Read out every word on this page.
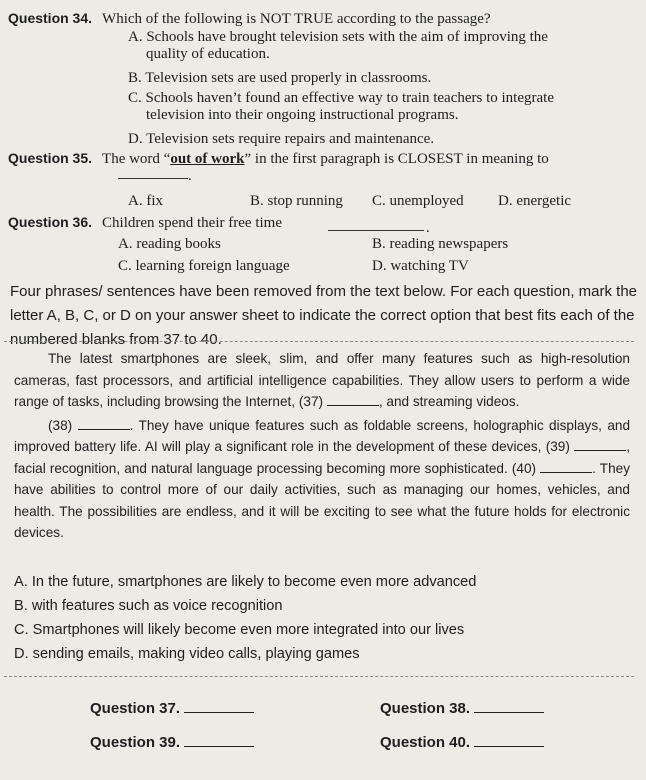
Question 34. Which of the following is NOT TRUE according to the passage?
A. Schools have brought television sets with the aim of improving the
quality of education.
B. Television sets are used properly in classrooms.
C. Schools haven’t found an effective way to train teachers to integrate
television into their ongoing instructional programs.
D. Television sets require repairs and maintenance.
Question 35. The word “out of work” in the first paragraph is CLOSEST in meaning to
.
A. fix	B. stop running C. unemployed D. energetic
Question 36. Children spend their free time	.
A. reading books	B. reading newspapers
C. learning foreign language	D. watching TV
Four phrases/ sentences have been removed from the text below. For each question, mark the letter A, B, C, or D on your answer sheet to indicate the correct option that best fits each of the numbered blanks from 37 to 40.

The latest smartphones are sleek, slim, and offer many features such as high-resolution cameras, fast processors, and artificial intelligence capabilities. They allow users to perform a wide range of tasks, including browsing the Internet, (37)	, and streaming videos.

(38)	. They have unique features such as foldable screens, holographic displays, and improved battery life. AI will play a significant role in the development of these devices, (39)	, facial recognition, and natural language processing becoming more sophisticated. (40)	. They have abilities to control more of our daily activities, such as managing our homes, vehicles, and health. The possibilities are endless, and it will be exciting to see what the future holds for electronic devices.

A. In the future, smartphones are likely to become even more advanced
B. with features such as voice recognition
C. Smartphones will likely become even more integrated into our lives
D. sending emails, making video calls, playing games
Question 37.	Question 38.
Question 39.	Question 40.
